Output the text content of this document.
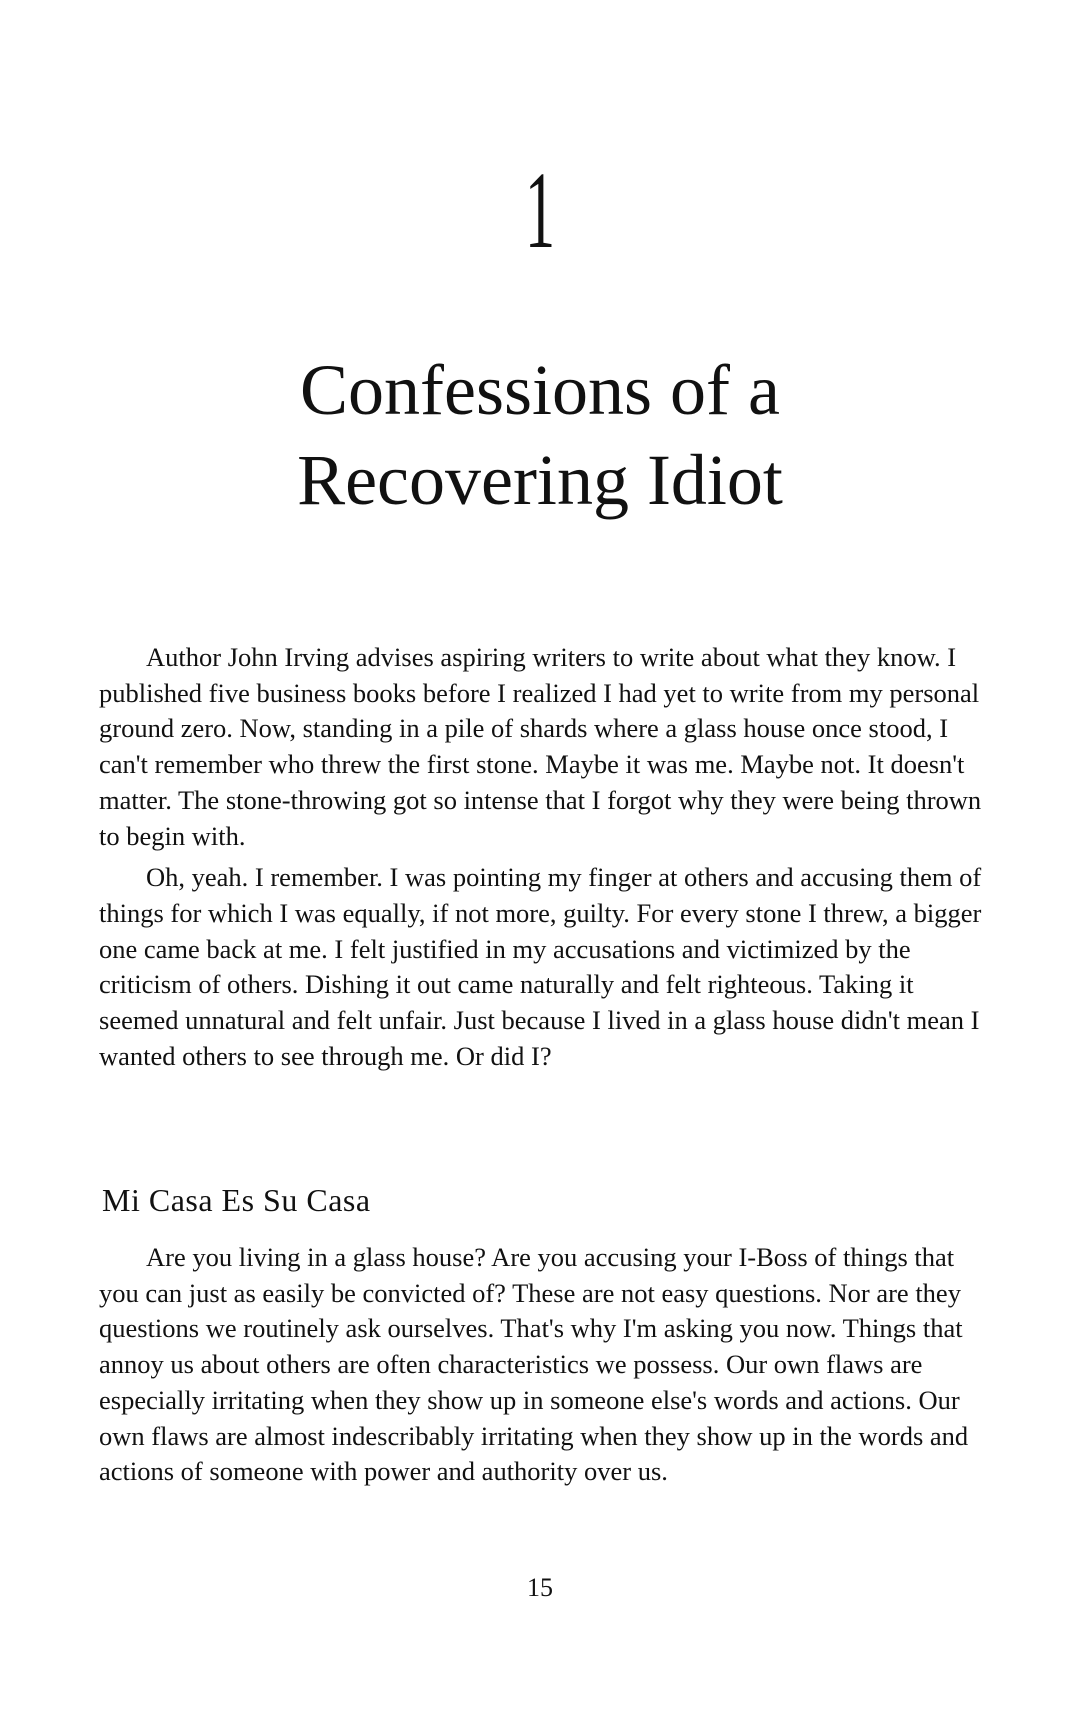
1
Confessions of a
Recovering Idiot

Author John Irving advises aspiring writers to write about what they know. I published five business books before I realized I had yet to write from my personal ground zero. Now, standing in a pile of shards where a glass house once stood, I can't remember who threw the first stone. Maybe it was me. Maybe not. It doesn't matter. The stone-throwing got so intense that I forgot why they were being thrown to begin with.

Oh, yeah. I remember. I was pointing my finger at others and accusing them of things for which I was equally, if not more, guilty. For every stone I threw, a bigger one came back at me. I felt justified in my accusations and victimized by the criticism of others. Dishing it out came naturally and felt righteous. Taking it seemed unnatural and felt unfair. Just because I lived in a glass house didn't mean I wanted others to see through me. Or did I?

Mi Casa Es Su Casa

Are you living in a glass house? Are you accusing your I-Boss of things that you can just as easily be convicted of? These are not easy questions. Nor are they questions we routinely ask ourselves. That's why I'm asking you now. Things that annoy us about others are often characteristics we possess. Our own flaws are especially irritating when they show up in someone else's words and actions. Our own flaws are almost indescribably irritating when they show up in the words and actions of someone with power and authority over us.

15
